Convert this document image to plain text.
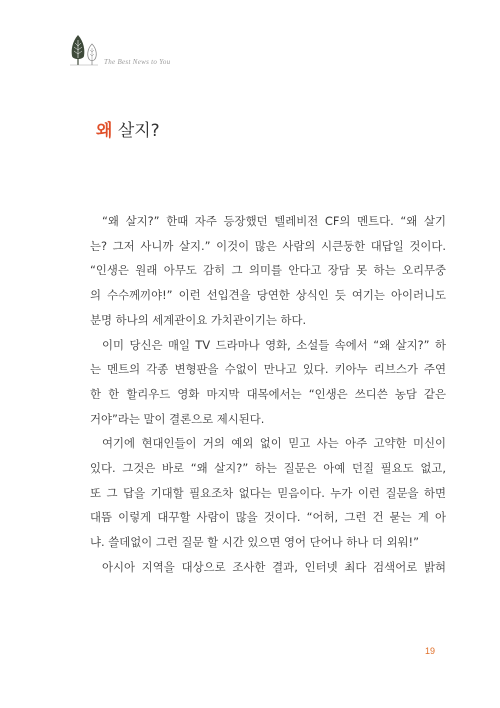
The Best News to You
왜 살지?

“왜 살지?” 한때 자주 등장했던 텔레비전 CF의 멘트다. “왜 살기
는? 그저 사니까 살지.” 이것이 많은 사람의 시큰둥한 대답일 것이다.
“인생은 원래 아무도 감히 그 의미를 안다고 장담 못 하는 오리무중
의 수수께끼야!” 이런 선입견을 당연한 상식인 듯 여기는 아이러니도
분명 하나의 세계관이요 가치관이기는 하다.

이미 당신은 매일 TV 드라마나 영화, 소설들 속에서 “왜 살지?” 하
는 멘트의 각종 변형판을 수없이 만나고 있다. 키아누 리브스가 주연
한 한 할리우드 영화 마지막 대목에서는 “인생은 쓰디쓴 농담 같은
거야”라는 말이 결론으로 제시된다.

여기에 현대인들이 거의 예외 없이 믿고 사는 아주 고약한 미신이
있다. 그것은 바로 “왜 살지?” 하는 질문은 아예 던질 필요도 없고,
또 그 답을 기대할 필요조차 없다는 믿음이다. 누가 이런 질문을 하면
대뜸 이렇게 대꾸할 사람이 많을 것이다. “어허, 그런 건 묻는 게 아
냐. 쓸데없이 그런 질문 할 시간 있으면 영어 단어나 하나 더 외워!”

아시아 지역을 대상으로 조사한 결과, 인터넷 최다 검색어로 밝혀

19
